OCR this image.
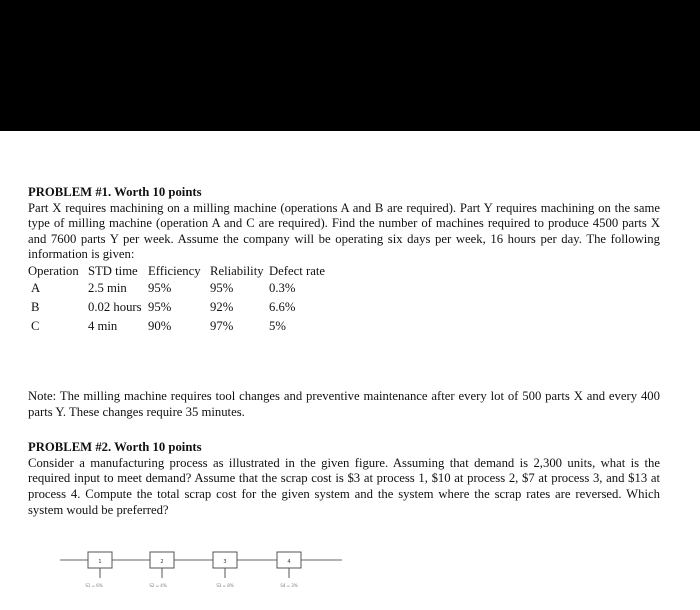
PROBLEM #1. Worth 10 points
Part X requires machining on a milling machine (operations A and B are required). Part Y requires machining on the same type of milling machine (operation A and C are required). Find the number of machines required to produce 4500 parts X and 7600 parts Y per week. Assume the company will be operating six days per week, 16 hours per day. The following information is given:
Operation	STD time	Efficiency	Reliability	Defect rate
A	2.5 min	95%	95%	0.3%
B	0.02 hours	95%	92%	6.6%
C	4 min	90%	97%	5%
Note: The milling machine requires tool changes and preventive maintenance after every lot of 500 parts X and every 400 parts Y. These changes require 35 minutes.
PROBLEM #2. Worth 10 points
Consider a manufacturing process as illustrated in the given figure. Assuming that demand is 2,300 units, what is the required input to meet demand? Assume that the scrap cost is $3 at process 1, $10 at process 2, $7 at process 3, and $13 at process 4. Compute the total scrap cost for the given system and the system where the scrap rates are reversed. Which system would be preferred?
1
S1 = 6%
2
S2 = 4%
3
S3 = 8%
4
S4 = 3%
